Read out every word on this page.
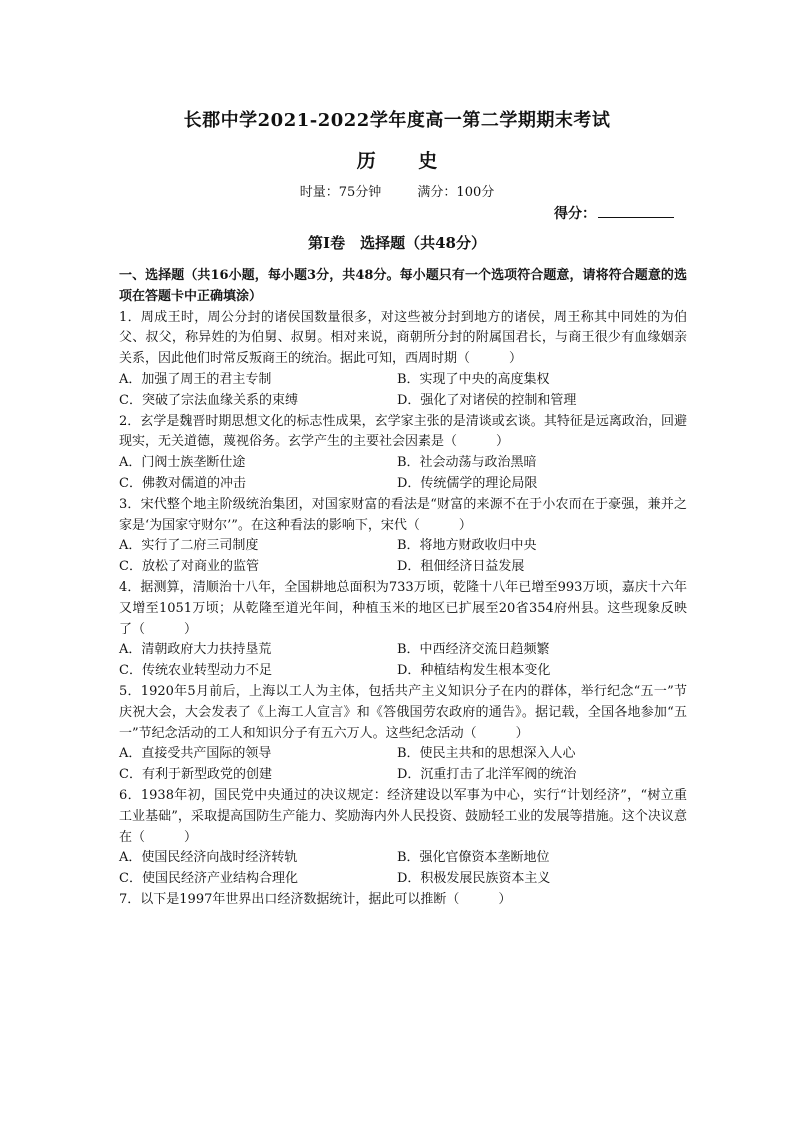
长郡中学2021-2022学年度高一第二学期期末考试
历 史
时量：75分钟	满分：100分
得分：
第Ⅰ卷　选择题（共48分）

一、选择题（共16小题，每小题3分，共48分。每小题只有一个选项符合题意，请将符合题意的选项在答题卡中正确填涂）

1．周成王时，周公分封的诸侯国数量很多，对这些被分封到地方的诸侯，周王称其中同姓的为伯父、叔父，称异姓的为伯舅、叔舅。相对来说，商朝所分封的附属国君长，与商王很少有血缘姻亲关系，因此他们时常反叛商王的统治。据此可知，西周时期（　　　）

A．加强了周王的君主专制	B．实现了中央的高度集权
C．突破了宗法血缘关系的束缚	D．强化了对诸侯的控制和管理

2．玄学是魏晋时期思想文化的标志性成果，玄学家主张的是清谈或玄谈。其特征是远离政治，回避现实，无关道德，蔑视俗务。玄学产生的主要社会因素是（　　　）

A．门阀士族垄断仕途	B．社会动荡与政治黑暗
C．佛教对儒道的冲击	D．传统儒学的理论局限

3．宋代整个地主阶级统治集团，对国家财富的看法是“财富的来源不在于小农而在于豪强，兼并之家是‘为国家守财尔’”。在这种看法的影响下，宋代（　　　）

A．实行了二府三司制度	B．将地方财政收归中央
C．放松了对商业的监管	D．租佃经济日益发展

4．据测算，清顺治十八年，全国耕地总面积为733万顷，乾隆十八年已增至993万顷，嘉庆十六年又增至1051万顷；从乾隆至道光年间，种植玉米的地区已扩展至20省354府州县。这些现象反映了（　　　）

A．清朝政府大力扶持垦荒	B．中西经济交流日趋频繁
C．传统农业转型动力不足	D．种植结构发生根本变化

5．1920年5月前后，上海以工人为主体，包括共产主义知识分子在内的群体，举行纪念“五一”节庆祝大会，大会发表了《上海工人宣言》和《答俄国劳农政府的通告》。据记载，全国各地参加“五一”节纪念活动的工人和知识分子有五六万人。这些纪念活动（　　　）

A．直接受共产国际的领导	B．使民主共和的思想深入人心
C．有利于新型政党的创建	D．沉重打击了北洋军阀的统治

6．1938年初，国民党中央通过的决议规定：经济建设以军事为中心，实行“计划经济”，“树立重工业基础”，采取提高国防生产能力、奖励海内外人民投资、鼓励轻工业的发展等措施。这个决议意在（　　　）

A．使国民经济向战时经济转轨	B．强化官僚资本垄断地位
C．使国民经济产业结构合理化	D．积极发展民族资本主义

7．以下是1997年世界出口经济数据统计，据此可以推断（　　　）
